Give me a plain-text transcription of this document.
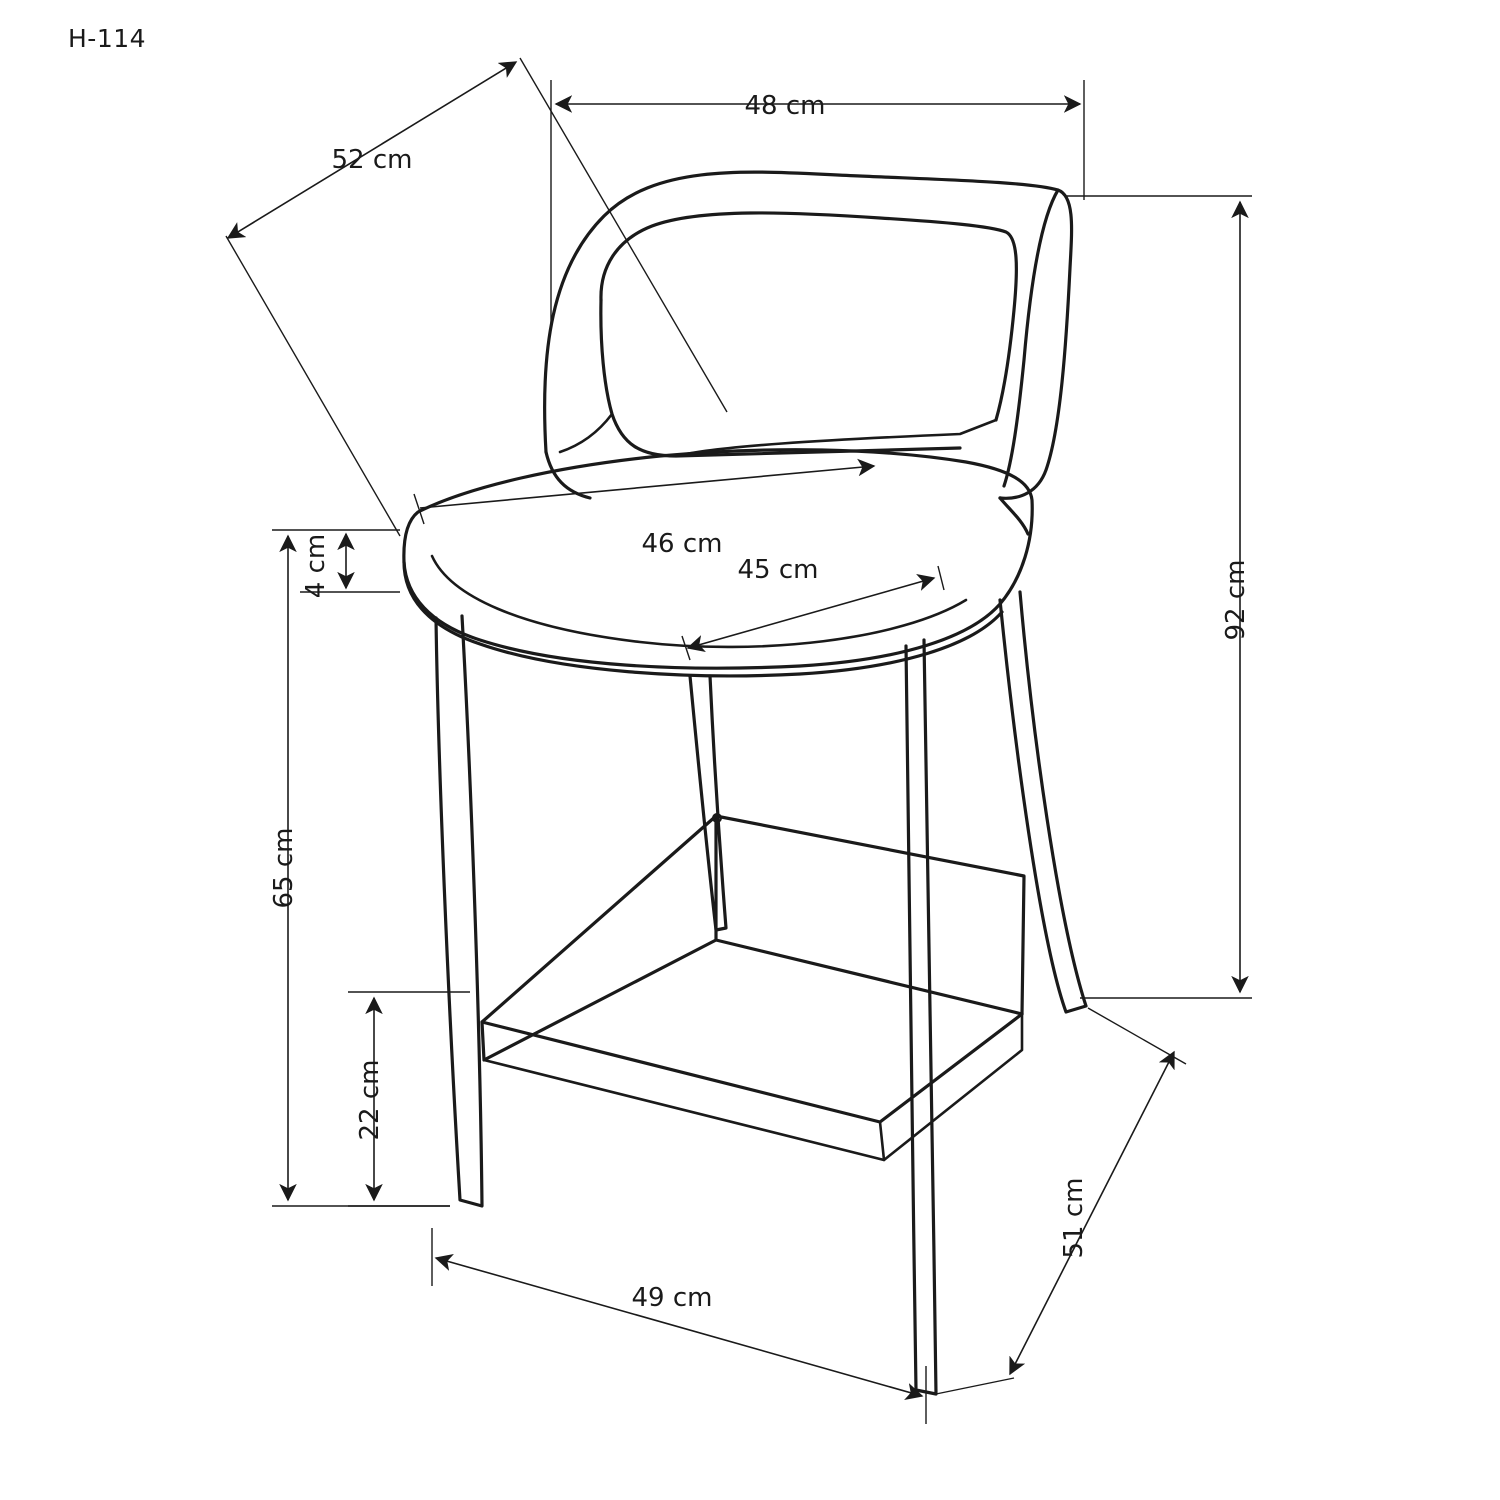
H-114
48 cm
52 cm
92 cm
46 cm
45 cm
4 cm
65 cm
22 cm
49 cm
51 cm
